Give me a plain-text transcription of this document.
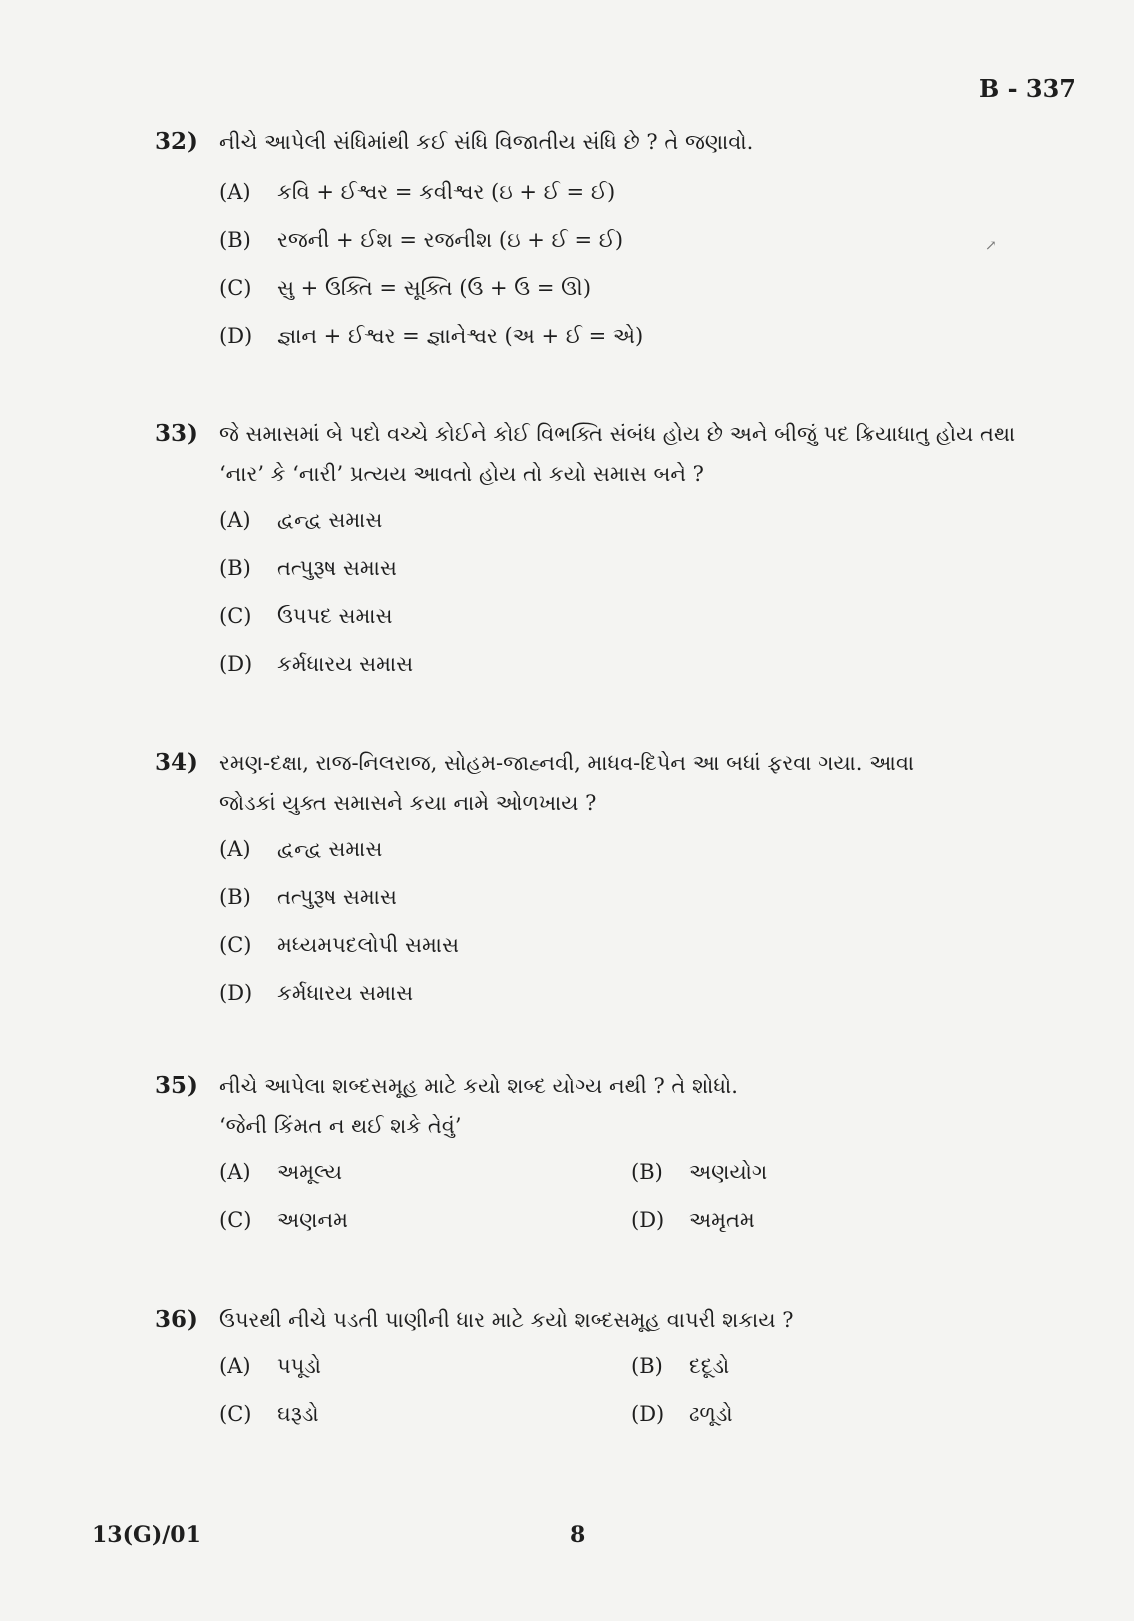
B - 337
↗
32)	નીચે આપેલી સંધિમાંથી કઈ સંધિ વિજાતીય સંધિ છે ? તે જણાવો.
(A)	કવિ + ઈશ્વર = કવીશ્વર (ઇ + ઈ = ઈ)
(B)	રજની + ઈશ = રજનીશ (ઇ + ઈ = ઈ)
(C)	સુ + ઉક્તિ = સૂક્તિ (ઉ + ઉ = ઊ)
(D)	જ્ઞાન + ઈશ્વર = જ્ઞાનેશ્વર (અ + ઈ = એ)
33)	જે સમાસમાં બે પદો વચ્ચે કોઈને કોઈ વિભક્તિ સંબંધ હોય છે અને બીજું પદ ક્રિયાધાતુ હોય તથા
‘નાર’ કે ‘નારી’ પ્રત્યય આવતો હોય તો કયો સમાસ બને ?
(A)	દ્વન્દ્વ સમાસ
(B)	તત્પુરૂષ સમાસ
(C)	ઉપપદ સમાસ
(D)	કર્મધારય સમાસ
34)	રમણ-દક્ષા, રાજ-નિલરાજ, સોહમ-જાહ્નવી, માધવ-દિપેન આ બધાં ફરવા ગયા. આવા
જોડકાં યુક્ત સમાસને કયા નામે ઓળખાય ?
(A)	દ્વન્દ્વ સમાસ
(B)	તત્પુરૂષ સમાસ
(C)	મધ્યમપદલોપી સમાસ
(D)	કર્મધારય સમાસ
35)	નીચે આપેલા શબ્દસમૂહ માટે કયો શબ્દ યોગ્ય નથી ? તે શોધો.
‘જેની કિંમત ન થઈ શકે તેવું’
(A)	અમૂલ્ય	(B)	અણયોગ
(C)	અણનમ	(D)	અમૃતમ
36)	ઉપરથી નીચે પડતી પાણીની ધાર માટે કયો શબ્દસમૂહ વાપરી શકાય ?
(A)	પપૂડો	(B)	દદૂડો
(C)	ઘરૂડો	(D)	ઢળૂડો
13(G)/01	8
